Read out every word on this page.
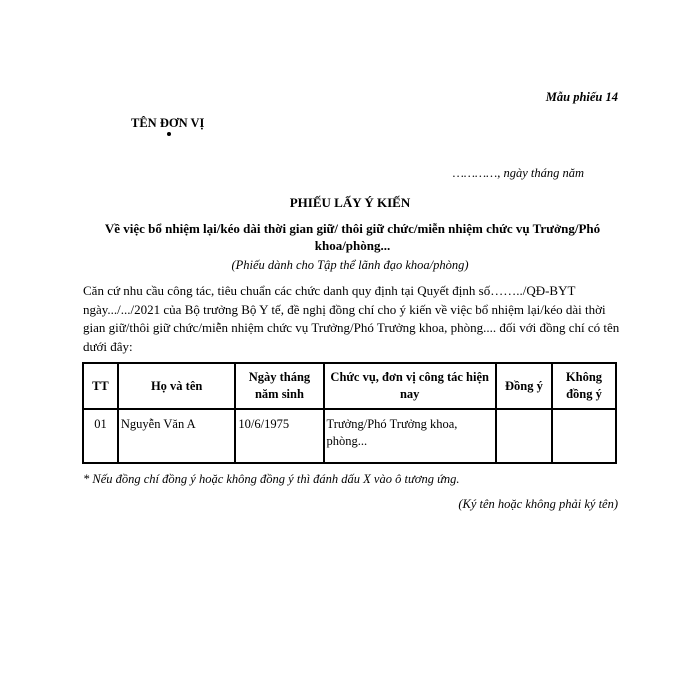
Mẫu phiếu 14
TÊN ĐƠN VỊ
…………, ngày tháng năm
PHIẾU LẤY Ý KIẾN
Về việc bổ nhiệm lại/kéo dài thời gian giữ/ thôi giữ chức/miễn nhiệm chức vụ Trưởng/Phó khoa/phòng...
(Phiếu dành cho Tập thể lãnh đạo khoa/phòng)
Căn cứ nhu cầu công tác, tiêu chuẩn các chức danh quy định tại Quyết định số……../QĐ-BYT ngày.../.../2021 của Bộ trưởng Bộ Y tế, đề nghị đồng chí cho ý kiến về việc bổ nhiệm lại/kéo dài thời gian giữ/thôi giữ chức/miễn nhiệm chức vụ Trưởng/Phó Trưởng khoa, phòng.... đối với đồng chí có tên dưới đây:
TT	Họ và tên	Ngày tháng năm sinh	Chức vụ, đơn vị công tác hiện nay	Đồng ý	Không đồng ý
01	Nguyễn Văn A	10/6/1975	Trưởng/Phó Trưởng khoa, phòng...		
* Nếu đồng chí đồng ý hoặc không đồng ý thì đánh dấu X vào ô tương ứng.
(Ký tên hoặc không phải ký tên)
